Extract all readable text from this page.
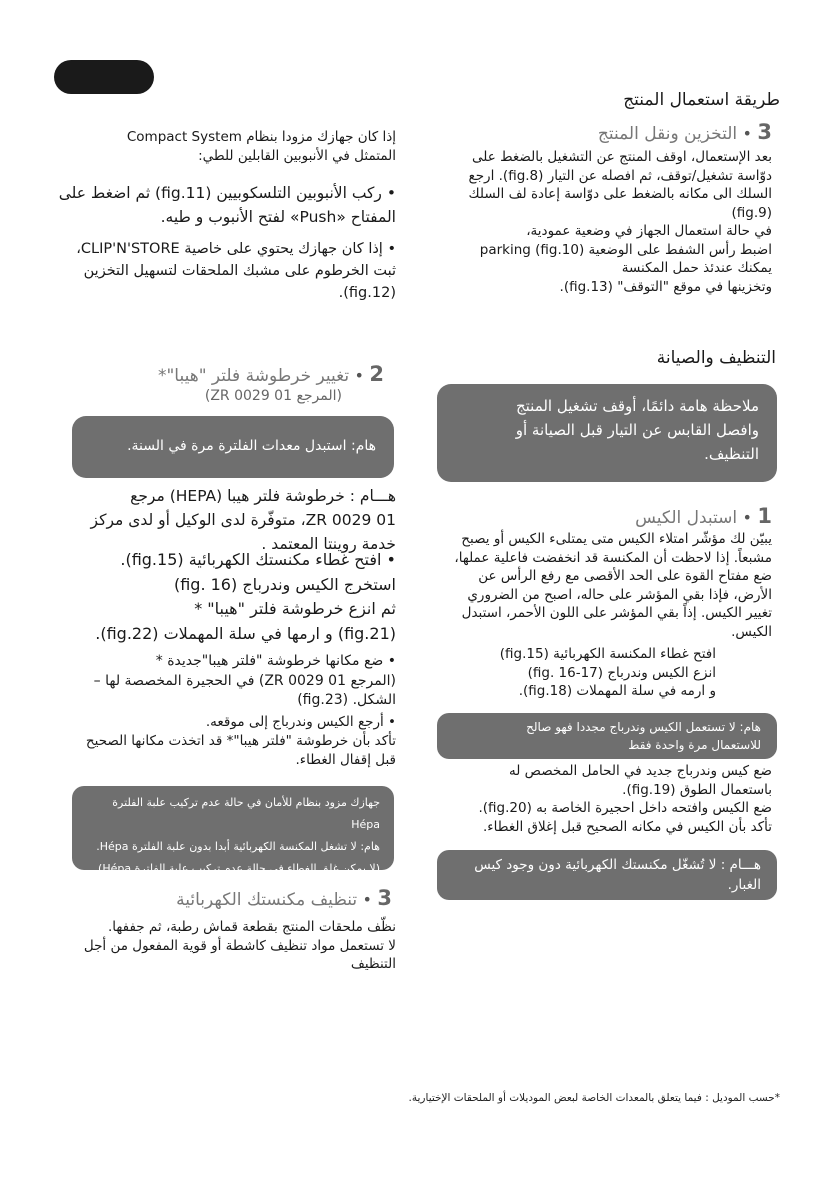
طريقة استعمال المنتج
3 • التخزين ونقل المنتج
بعد الإستعمال، اوقف المنتج عن التشغيل بالضغط على
دوّاسة تشغيل/توقف، ثم افصله عن التيار (fig.8). ارجع
السلك الى مكانه بالضغط على دوّاسة إعادة لف السلك
(fig.9)
في حالة استعمال الجهاز في وضعية عمودية،
اضبط رأس الشفط على الوضعية parking (fig.10)
يمكنك عندئذ حمل المكنسة
وتخزينها في موقع "التوقف" (fig.13).
التنظيف والصيانة
ملاحظة هامة دائمًا، أوقف تشغيل المنتج
وافصل القابس عن التيار قبل الصيانة أو
التنظيف.
1 • استبدل الكيس
يبيّن لك مؤشّر امتلاء الكيس متى يمتلىء الكيس أو يصبح
مشبعاً. إذا لاحظت أن المكنسة قد انخفضت فاعلية عملها،
ضع مفتاح القوة على الحد الأقصى مع رفع الرأس عن
الأرض، فإذا بقي المؤشر على حاله، اصبح من الضروري
تغيير الكيس. إذاً بقي المؤشر على اللون الأحمر، استبدل
الكيس.
افتح غطاء المكنسة الكهربائية (fig.15)
انزع الكيس وندرباج (fig. 16-17)
و ارمه في سلة المهملات (fig.18).
هام: لا تستعمل الكيس وندرباج مجددا فهو صالح
للاستعمال مرة واحدة فقط
ضع كيس وندرباج جديد في الحامل المخصص له
باستعمال الطوق (fig.19).
ضع الكيس وافتحه داخل احجيرة الخاصة به (fig.20).
تأكد بأن الكيس في مكانه الصحيح قبل إغلاق الغطاء.
هـــام : لا تُشغّل مكنستك الكهربائية دون وجود كيس
الغبار.
إذا كان جهازك مزودا بنظام Compact System
المتمثل في الأنبوبين القابلين للطي:
• ركب الأنبوبين التلسكوبيين (fig.11) ثم اضغط على
المفتاح «Push» لفتح الأنبوب و طيه.
• إذا كان جهازك يحتوي على خاصية CLIP'N'STORE،
ثبت الخرطوم على مشبك الملحقات لتسهيل التخزين
(fig.12).
2 • تغيير خرطوشة فلتر "هيبا"*
(المرجع ZR 0029 01)
هام: استبدل معدات الفلترة مرة في السنة.
هـــام : خرطوشة فلتر هيبا (HEPA) مرجع
ZR 0029 01، متوفّرة لدى الوكيل أو لدى مركز
خدمة روينتا المعتمد .
• افتح غطاء مكنستك الكهربائية (fig.15).
استخرج الكيس وندرباج (fig. 16)
ثم انزع خرطوشة فلتر "هيبا" *
(fig.21) و ارمها في سلة المهملات (fig.22).
• ضع مكانها خرطوشة "فلتر هيبا"جديدة *
(المرجع ZR 0029 01) في الحجيرة المخصصة لها –
الشكل. (fig.23)
• أرجع الكيس وندرباج إلى موقعه.
تأكد بأن خرطوشة "فلتر هيبا"* قد اتخذت مكانها الصحيح
قبل إقفال الغطاء.
جهازك مزود بنظام للأمان في حالة عدم تركيب علبة الفلترة Hépa
هام: لا تشغل المكنسة الكهربائية أبدا بدون علبة الفلترة Hépa.
(لا يمكن غلق الغطاء في حالة عدم تركيب علبة الفلترة Hépa)
3 • تنظيف مكنستك الكهربائية
نظّف ملحقات المنتج بقطعة قماش رطبة، ثم جففها.
لا تستعمل مواد تنظيف كاشطة أو قوية المفعول من أجل
التنظيف
*حسب الموديل : فيما يتعلق بالمعدات الخاصة لبعض الموديلات أو الملحقات الإختيارية.
